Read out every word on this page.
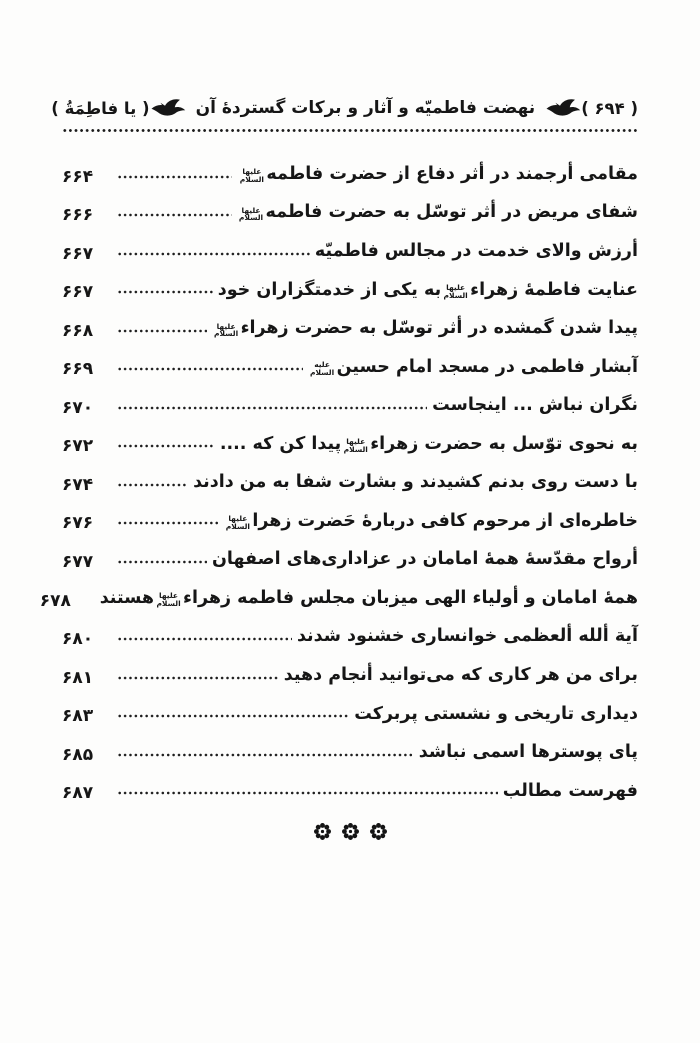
( ۶۹۴ )
نهضت فاطمیّه و آثار و برکات گستردهٔ آن
( یا فاطِمَةُ )
مقامی أرجمند در أثر دفاع از حضرت فاطمهعلیها السلام
۶۶۴
شفای مریض در أثر توسّل به حضرت فاطمهعلیها السلام
۶۶۶
أرزش والای خدمت در مجالس فاطمیّه
۶۶۷
عنایت فاطمهٔ زهراءعلیها السلام‏به یکی از خدمتگزاران خود
۶۶۷
پیدا شدن گمشده در أثر توسّل به حضرت زهراءعلیها السلام
۶۶۸
آبشار فاطمی در مسجد امام حسینعلیه السلام
۶۶۹
نگران نباش ... اینجاست
۶۷۰
به نحوی توّسل به حضرت زهراءعلیها السلام‏پیدا کن که ....
۶۷۲
با دست روی بدنم کشیدند و بشارت شفا به من دادند
۶۷۴
خاطره‌ای از مرحوم کافی دربارهٔ حَضرت زهراعلیها السلام
۶۷۶
أرواح مقدّسهٔ همهٔ امامان در عزاداری‌های اصفهان
۶۷۷
همهٔ امامان و أولیاء الهی میزبان مجلس فاطمه زهراءعلیها السلام‏هستند
۶۷۸
آیة ألله ألعظمی خوانساری خشنود شدند
۶۸۰
برای من هر کاری که می‌توانید أنجام دهید
۶۸۱
دیداری تاریخی و نشستی پربرکت
۶۸۳
پای پوسترها اسمی نباشد
۶۸۵
فهرست مطالب
۶۸۷
